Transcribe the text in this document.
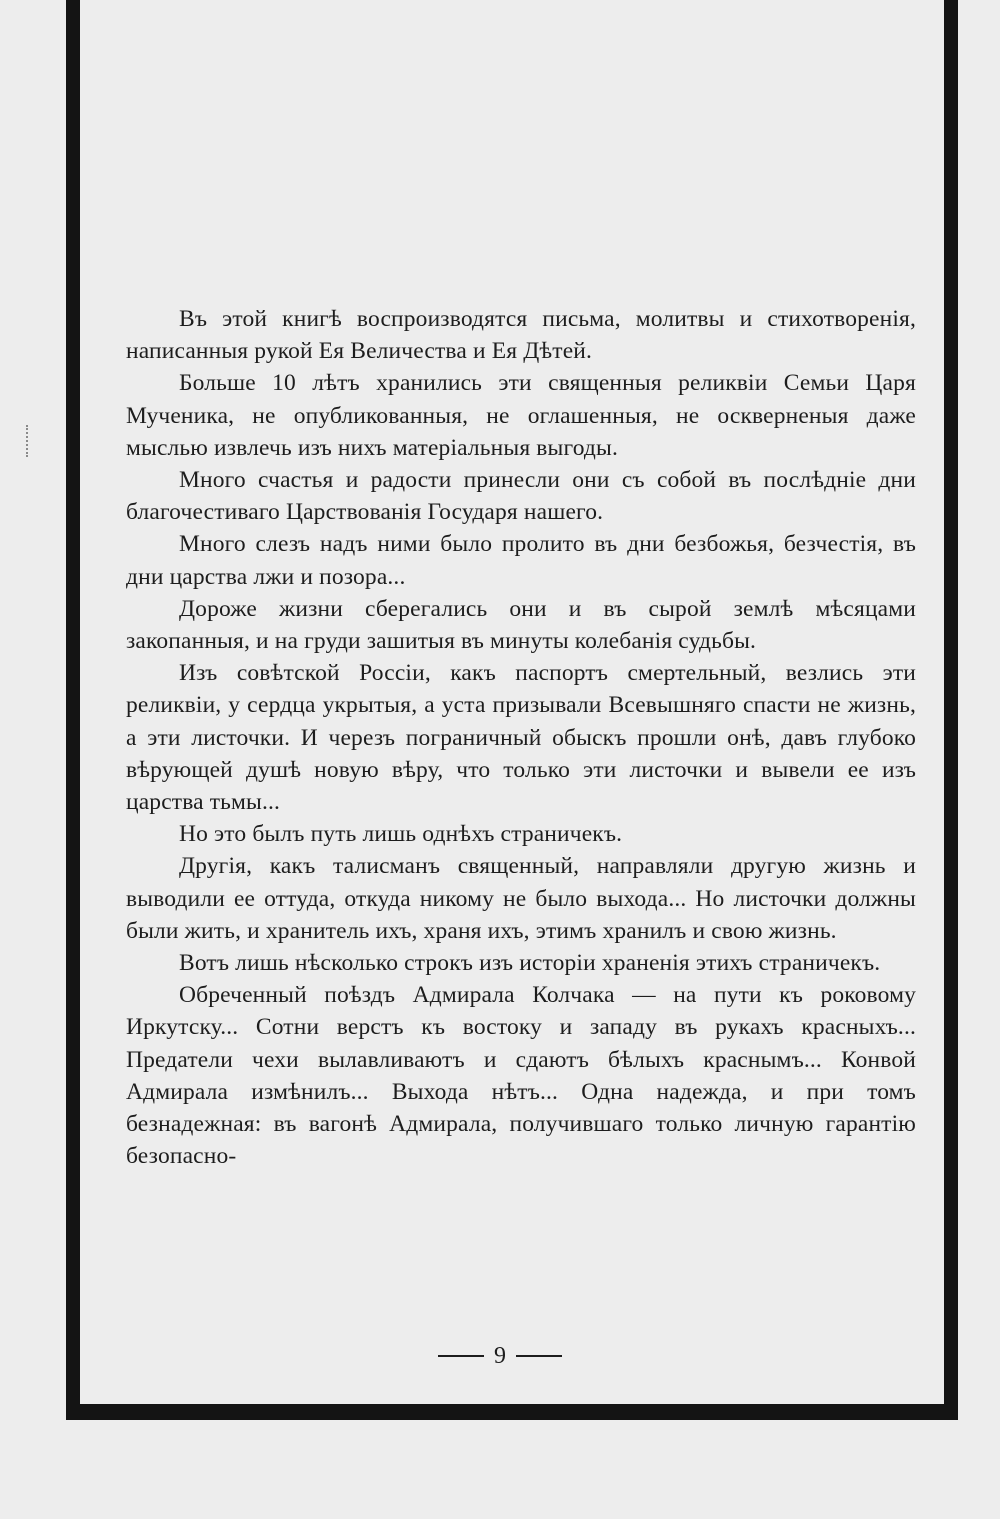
Въ этой книгѣ воспроизводятся письма, молитвы и стихотворенія, написанныя рукой Ея Величества и Ея Дѣтей.

Больше 10 лѣтъ хранились эти священныя реликвіи Семьи Царя Мученика, не опубликованныя, не оглашенныя, не оскверненыя даже мыслью извлечь изъ нихъ матеріальныя выгоды.

Много счастья и радости принесли они съ собой въ послѣдніе дни благочестиваго Царствованія Государя нашего.

Много слезъ надъ ними было пролито въ дни безбожья, безчестія, въ дни царства лжи и позора...

Дороже жизни сберегались они и въ сырой землѣ мѣсяцами закопанныя, и на груди зашитыя въ минуты колебанія судьбы.

Изъ совѣтской Россіи, какъ паспортъ смертельный, везлись эти реликвіи, у сердца укрытыя, а уста призывали Всевышняго спасти не жизнь, а эти листочки. И черезъ пограничный обыскъ прошли онѣ, давъ глубоко вѣрующей душѣ новую вѣру, что только эти листочки и вывели ее изъ царства тьмы...

Но это былъ путь лишь однѣхъ страничекъ.

Другія, какъ талисманъ священный, направляли другую жизнь и выводили ее оттуда, откуда никому не было выхода... Но листочки должны были жить, и хранитель ихъ, храня ихъ, этимъ хранилъ и свою жизнь.

Вотъ лишь нѣсколько строкъ изъ исторіи храненія этихъ страничекъ.

Обреченный поѣздъ Адмирала Колчака — на пути къ роковому Иркутску... Сотни верстъ къ востоку и западу въ рукахъ красныхъ... Предатели чехи вылавливаютъ и сдаютъ бѣлыхъ краснымъ... Конвой Адмирала измѣнилъ... Выхода нѣтъ... Одна надежда, и при томъ безнадежная: въ вагонѣ Адмирала, получившаго только личную гарантію безопасно-

9
